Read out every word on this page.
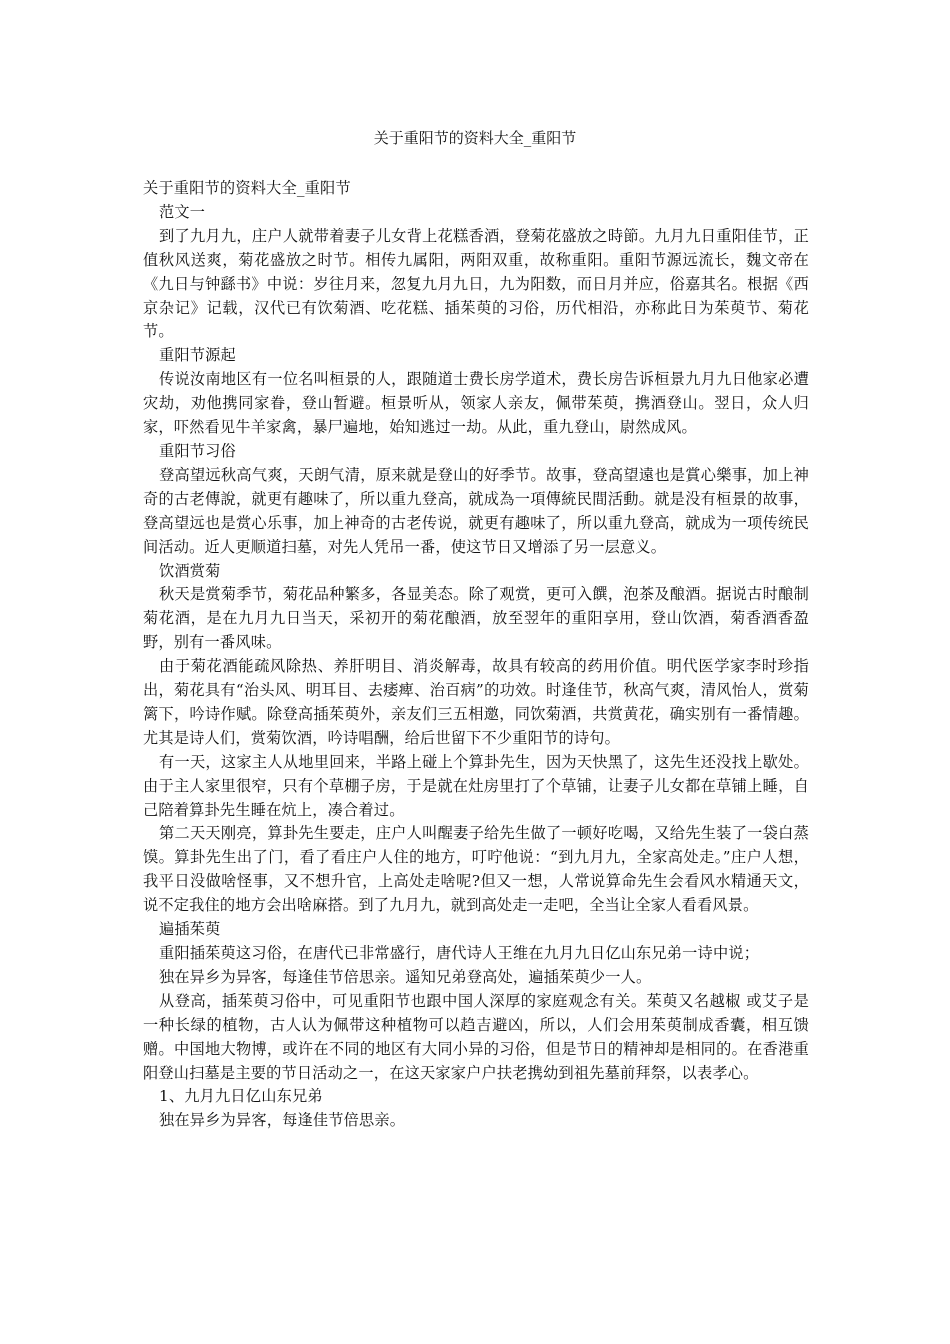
关于重阳节的资料大全_重阳节

关于重阳节的资料大全_重阳节

范文一

到了九月九，庄户人就带着妻子儿女背上花糕香酒，登菊花盛放之時節。九月九日重阳佳节，正值秋风送爽，菊花盛放之时节。相传九属阳，两阳双重，故称重阳。重阳节源远流长，魏文帝在《九日与钟繇书》中说：岁往月来，忽复九月九日，九为阳数，而日月并应，俗嘉其名。根据《西京杂记》记载，汉代已有饮菊酒、吃花糕、插茱萸的习俗，历代相沿，亦称此日为茱萸节、菊花节。

重阳节源起

传说汝南地区有一位名叫桓景的人，跟随道士费长房学道术，费长房告诉桓景九月九日他家必遭灾劫，劝他携同家眷，登山暂避。桓景听从，领家人亲友，佩带茱萸，携酒登山。翌日，众人归家，吓然看见牛羊家禽，暴尸遍地，始知逃过一劫。从此，重九登山，尉然成风。

重阳节习俗

登高望远秋高气爽，天朗气清，原来就是登山的好季节。故事，登高望遠也是賞心樂事，加上神奇的古老傳說，就更有趣味了，所以重九登高，就成為一項傳統民間活動。就是没有桓景的故事，登高望远也是赏心乐事，加上神奇的古老传说，就更有趣味了，所以重九登高，就成为一项传统民间活动。近人更顺道扫墓，对先人凭吊一番，使这节日又增添了另一层意义。

饮酒赏菊

秋天是赏菊季节，菊花品种繁多，各显美态。除了观赏，更可入饌，泡茶及酿酒。据说古时酿制菊花酒，是在九月九日当天，采初开的菊花酿酒，放至翌年的重阳享用，登山饮酒，菊香酒香盈野，别有一番风味。

由于菊花酒能疏风除热、养肝明目、消炎解毒，故具有较高的药用价值。明代医学家李时珍指出，菊花具有“治头风、明耳目、去痿痺、治百病”的功效。时逢佳节，秋高气爽，清风怡人，赏菊篱下，吟诗作赋。除登高插茱萸外，亲友们三五相邀，同饮菊酒，共赏黄花，确实别有一番情趣。尤其是诗人们，赏菊饮酒，吟诗唱酬，给后世留下不少重阳节的诗句。

有一天，这家主人从地里回来，半路上碰上个算卦先生，因为天快黑了，这先生还没找上歇处。由于主人家里很窄，只有个草棚子房，于是就在灶房里打了个草铺，让妻子儿女都在草铺上睡，自己陪着算卦先生睡在炕上，凑合着过。

第二天天刚亮，算卦先生要走，庄户人叫醒妻子给先生做了一顿好吃喝，又给先生装了一袋白蒸馍。算卦先生出了门，看了看庄户人住的地方，叮咛他说：“到九月九，全家高处走。”庄户人想，我平日没做啥怪事，又不想升官，上高处走啥呢?但又一想，人常说算命先生会看风水精通天文，说不定我住的地方会出啥麻搭。到了九月九，就到高处走一走吧，全当让全家人看看风景。

遍插茱萸

重阳插茱萸这习俗，在唐代已非常盛行，唐代诗人王维在九月九日亿山东兄弟一诗中说；

独在异乡为异客，每逢佳节倍思亲。遥知兄弟登高处，遍插茱萸少一人。

从登高，插茱萸习俗中，可见重阳节也跟中国人深厚的家庭观念有关。茱萸又名越椒 或艾子是一种长绿的植物，古人认为佩带这种植物可以趋吉避凶，所以，人们会用茱萸制成香囊，相互馈赠。中国地大物博，或许在不同的地区有大同小异的习俗，但是节日的精神却是相同的。在香港重阳登山扫墓是主要的节日活动之一，在这天家家户户扶老携幼到祖先墓前拜祭，以表孝心。

1、九月九日亿山东兄弟

独在异乡为异客，每逢佳节倍思亲。
